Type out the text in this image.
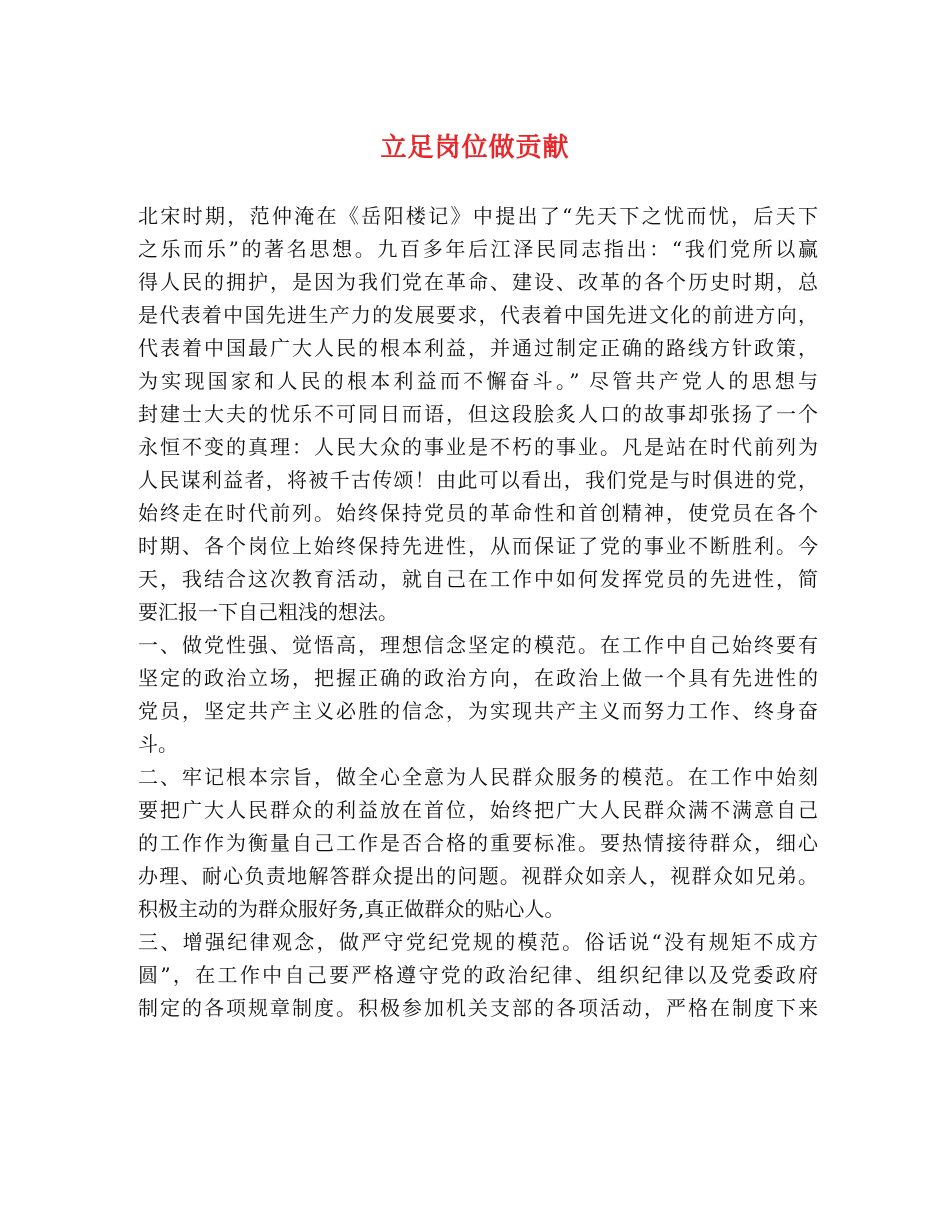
立足岗位做贡献
北宋时期，范仲淹在《岳阳楼记》中提出了“先天下之忧而忧，后天下
之乐而乐”的著名思想。九百多年后江泽民同志指出：“我们党所以赢
得人民的拥护，是因为我们党在革命、建设、改革的各个历史时期，总
是代表着中国先进生产力的发展要求，代表着中国先进文化的前进方向，
代表着中国最广大人民的根本利益，并通过制定正确的路线方针政策，
为实现国家和人民的根本利益而不懈奋斗。” 尽管共产党人的思想与
封建士大夫的忧乐不可同日而语，但这段脍炙人口的故事却张扬了一个
永恒不变的真理：人民大众的事业是不朽的事业。凡是站在时代前列为
人民谋利益者，将被千古传颂！由此可以看出，我们党是与时俱进的党，
始终走在时代前列。始终保持党员的革命性和首创精神，使党员在各个
时期、各个岗位上始终保持先进性，从而保证了党的事业不断胜利。今
天，我结合这次教育活动，就自己在工作中如何发挥党员的先进性，简
要汇报一下自己粗浅的想法。
一、做党性强、觉悟高，理想信念坚定的模范。在工作中自己始终要有
坚定的政治立场，把握正确的政治方向，在政治上做一个具有先进性的
党员，坚定共产主义必胜的信念，为实现共产主义而努力工作、终身奋
斗。
二、牢记根本宗旨，做全心全意为人民群众服务的模范。在工作中始刻
要把广大人民群众的利益放在首位，始终把广大人民群众满不满意自己
的工作作为衡量自己工作是否合格的重要标准。要热情接待群众，细心
办理、耐心负责地解答群众提出的问题。视群众如亲人，视群众如兄弟。
积极主动的为群众服好务,真正做群众的贴心人。
三、增强纪律观念，做严守党纪党规的模范。俗话说“没有规矩不成方
圆”，在工作中自己要严格遵守党的政治纪律、组织纪律以及党委政府
制定的各项规章制度。积极参加机关支部的各项活动，严格在制度下来
